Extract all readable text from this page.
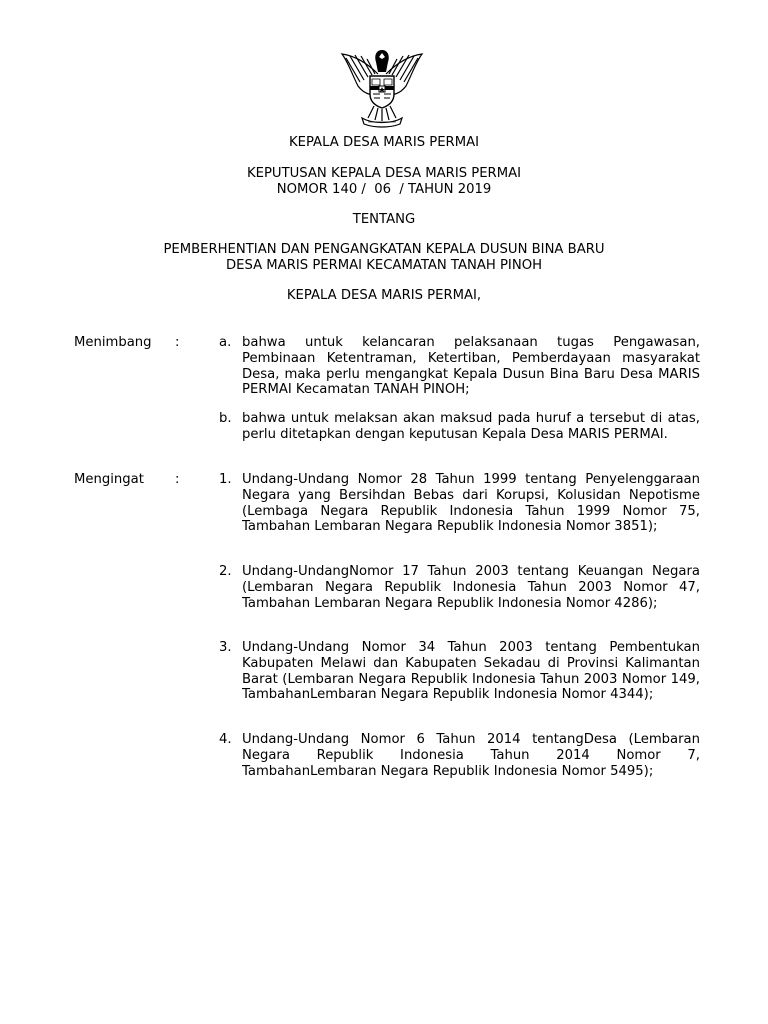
KEPALA DESA MARIS PERMAI
KEPUTUSAN KEPALA DESA MARIS PERMAI
NOMOR 140 /  06  / TAHUN 2019
TENTANG
PEMBERHENTIAN DAN PENGANGKATAN KEPALA DUSUN BINA BARU
DESA MARIS PERMAI KECAMATAN TANAH PINOH
KEPALA DESA MARIS PERMAI,
Menimbang	:	a. bahwa untuk kelancaran pelaksanaan tugas Pengawasan, Pembinaan Ketentraman, Ketertiban, Pemberdayaan masyarakat Desa, maka perlu mengangkat Kepala Dusun Bina Baru Desa MARIS PERMAI Kecamatan TANAH PINOH;
b. bahwa untuk melaksan akan maksud pada huruf a tersebut di atas, perlu ditetapkan dengan keputusan Kepala Desa MARIS PERMAI.
Mengingat	:	1. Undang-Undang Nomor 28 Tahun 1999 tentang Penyelenggaraan Negara yang Bersihdan Bebas dari Korupsi, Kolusidan Nepotisme (Lembaga Negara Republik Indonesia Tahun 1999 Nomor 75, Tambahan Lembaran Negara Republik Indonesia Nomor 3851);
2. Undang-UndangNomor 17 Tahun 2003 tentang Keuangan Negara (Lembaran Negara Republik Indonesia Tahun 2003 Nomor 47, Tambahan Lembaran Negara Republik Indonesia Nomor 4286);
3. Undang-Undang Nomor 34 Tahun 2003 tentang Pembentukan Kabupaten Melawi dan Kabupaten Sekadau di Provinsi Kalimantan Barat (Lembaran Negara Republik Indonesia Tahun 2003 Nomor 149, TambahanLembaran Negara Republik Indonesia Nomor 4344);
4. Undang-Undang Nomor 6 Tahun 2014 tentangDesa (Lembaran Negara Republik Indonesia Tahun 2014 Nomor 7, TambahanLembaran Negara Republik Indonesia Nomor 5495);
